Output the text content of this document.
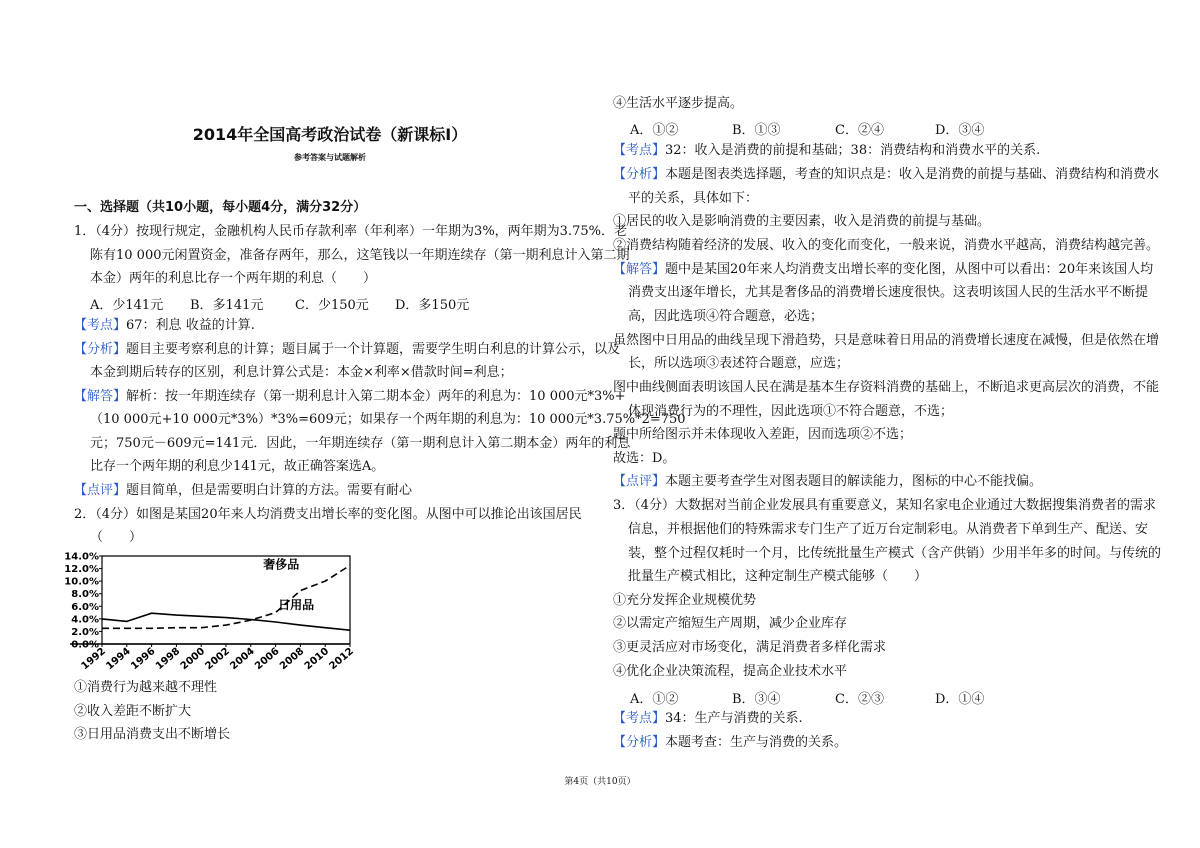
2014年全国高考政治试卷（新课标Ⅰ）
参考答案与试题解析
一、选择题（共10小题，每小题4分，满分32分）
1．（4分）按现行规定，金融机构人民币存款利率（年利率）一年期为3%，两年期为3.75%．老
陈有10 000元闲置资金，准备存两年，那么，这笔钱以一年期连续存（第一期利息计入第二期
本金）两年的利息比存一个两年期的利息（　　）
A．少141元 B．多141元 C．少150元 D．多150元
【考点】67：利息 收益的计算.
【分析】题目主要考察利息的计算；题目属于一个计算题，需要学生明白利息的计算公示，以及
本金到期后转存的区别，利息计算公式是：本金×利率×借款时间=利息；
【解答】解析：按一年期连续存（第一期利息计入第二期本金）两年的利息为：10 000元*3%+
（10 000元+10 000元*3%）*3%=609元；如果存一个两年期的利息为：10 000元*3.75%*2=750
元；750元－609元=141元．因此，一年期连续存（第一期利息计入第二期本金）两年的利息
比存一个两年期的利息少141元，故正确答案选A。
【点评】题目简单，但是需要明白计算的方法。需要有耐心
2．（4分）如图是某国20年来人均消费支出增长率的变化图。从图中可以推论出该国居民
（　　）
14.0%
12.0%
10.0%
8.0%
6.0%
4.0%
2.0%
0.0%
1992
1994
1996
1998
2000
2002
2004
2006
2008
2010
2012
奢侈品
日用品
①消费行为越来越不理性
②收入差距不断扩大
③日用品消费支出不断增长
④生活水平逐步提高。
A．①②	B．①③	C．②④	D．③④
【考点】32：收入是消费的前提和基础；38：消费结构和消费水平的关系.
【分析】本题是图表类选择题，考查的知识点是：收入是消费的前提与基础、消费结构和消费水
平的关系，具体如下：
①居民的收入是影响消费的主要因素，收入是消费的前提与基础。
②消费结构随着经济的发展、收入的变化而变化，一般来说，消费水平越高，消费结构越完善。
【解答】题中是某国20年来人均消费支出增长率的变化图，从图中可以看出：20年来该国人均
消费支出逐年增长，尤其是奢侈品的消费增长速度很快。这表明该国人民的生活水平不断提
高，因此选项④符合题意，必选；
虽然图中日用品的曲线呈现下滑趋势，只是意味着日用品的消费增长速度在减慢，但是依然在增
长，所以选项③表述符合题意，应选；
图中曲线侧面表明该国人民在满是基本生存资料消费的基础上，不断追求更高层次的消费，不能
体现消费行为的不理性，因此选项①不符合题意，不选；
题中所给图示并未体现收入差距，因而选项②不选；
故选：D。
【点评】本题主要考查学生对图表题目的解读能力，图标的中心不能找偏。
3．（4分）大数据对当前企业发展具有重要意义，某知名家电企业通过大数据搜集消费者的需求
信息，并根据他们的特殊需求专门生产了近万台定制彩电。从消费者下单到生产、配送、安
装，整个过程仅耗时一个月，比传统批量生产模式（含产供销）少用半年多的时间。与传统的
批量生产模式相比，这种定制生产模式能够（　　）
①充分发挥企业规模优势
②以需定产缩短生产周期，减少企业库存
③更灵活应对市场变化，满足消费者多样化需求
④优化企业决策流程，提高企业技术水平
A．①②	B．③④	C．②③	D．①④
【考点】34：生产与消费的关系.
【分析】本题考查：生产与消费的关系。
第4页（共10页）
